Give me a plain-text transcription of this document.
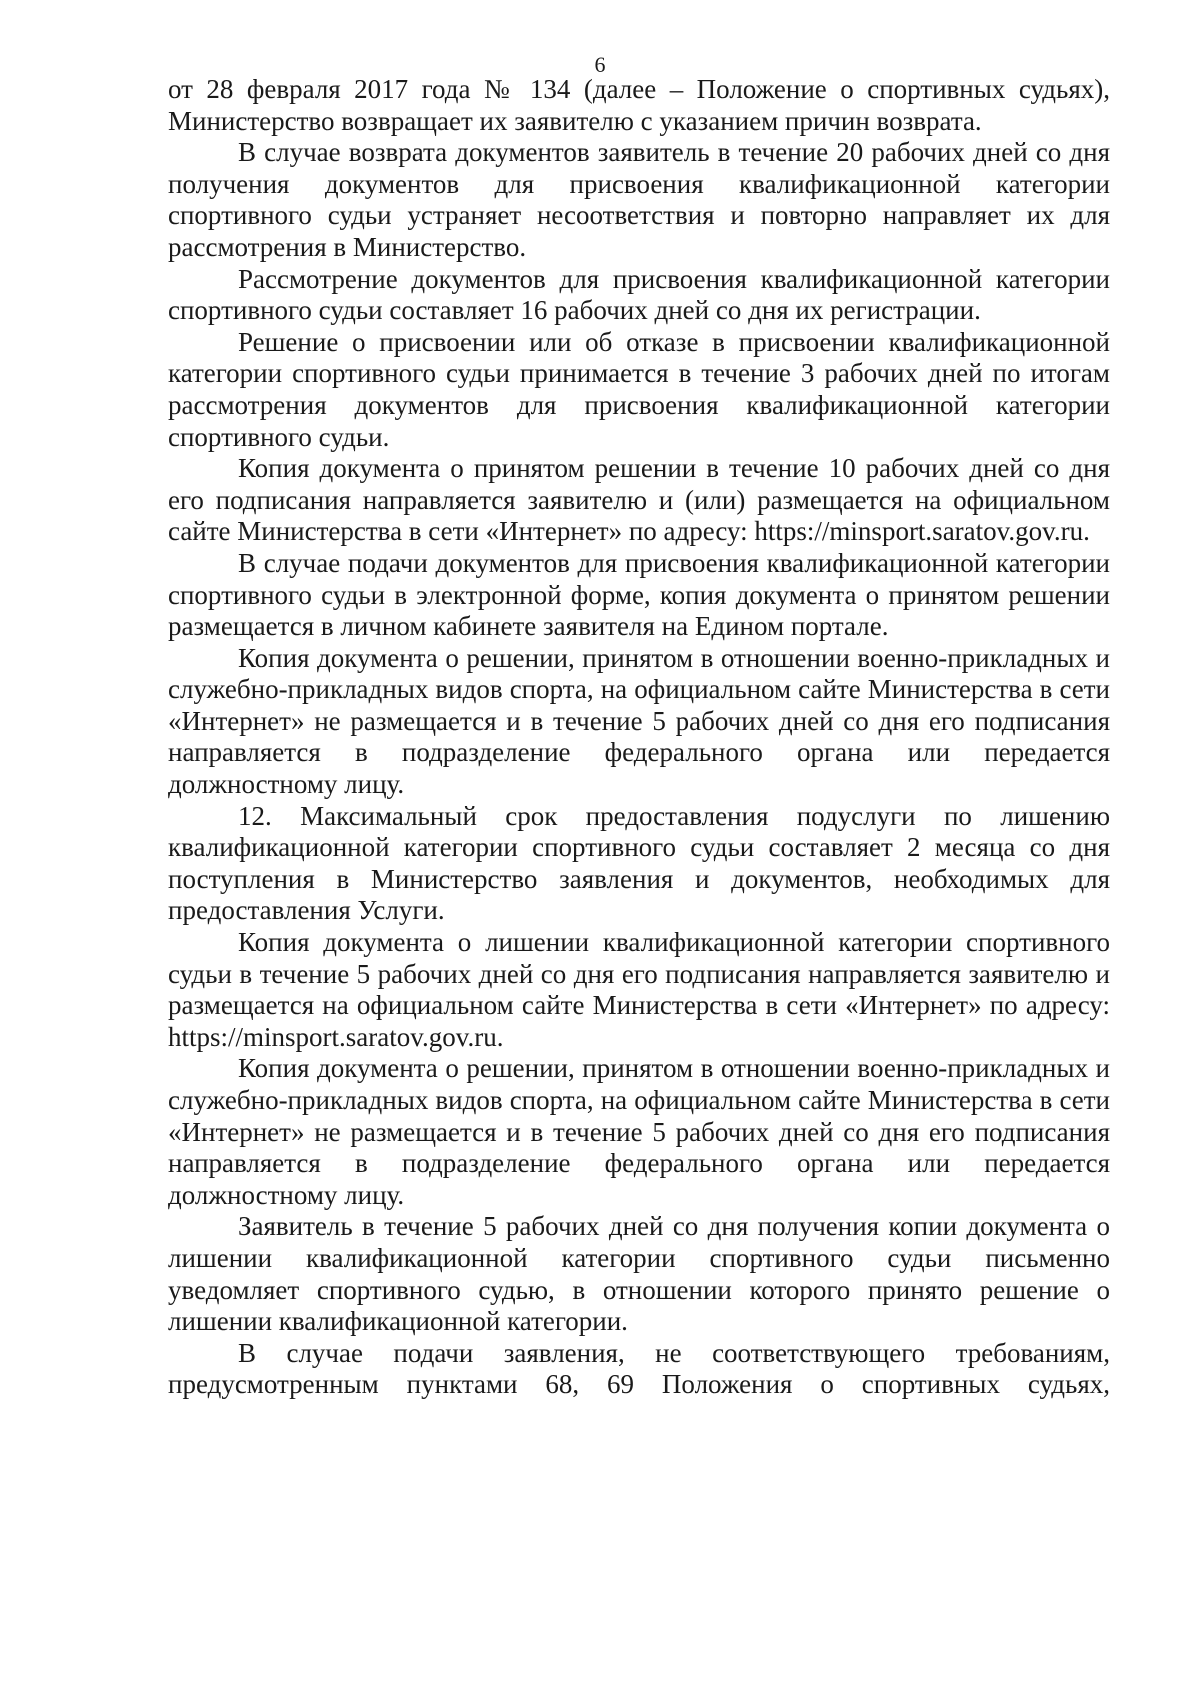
6

от 28 февраля 2017 года № 134 (далее – Положение о спортивных судьях), Министерство возвращает их заявителю с указанием причин возврата.

В случае возврата документов заявитель в течение 20 рабочих дней со дня получения документов для присвоения квалификационной категории спортивного судьи устраняет несоответствия и повторно направляет их для рассмотрения в Министерство.

Рассмотрение документов для присвоения квалификационной категории спортивного судьи составляет 16 рабочих дней со дня их регистрации.

Решение о присвоении или об отказе в присвоении квалификационной категории спортивного судьи принимается в течение 3 рабочих дней по итогам рассмотрения документов для присвоения квалификационной категории спортивного судьи.

Копия документа о принятом решении в течение 10 рабочих дней со дня его подписания направляется заявителю и (или) размещается на официальном сайте Министерства в сети «Интернет» по адресу: https://minsport.saratov.gov.ru.

В случае подачи документов для присвоения квалификационной категории спортивного судьи в электронной форме, копия документа о принятом решении размещается в личном кабинете заявителя на Едином портале.

Копия документа о решении, принятом в отношении военно-прикладных и служебно-прикладных видов спорта, на официальном сайте Министерства в сети «Интернет» не размещается и в течение 5 рабочих дней со дня его подписания направляется в подразделение федерального органа или передается должностному лицу.

12. Максимальный срок предоставления подуслуги по лишению квалификационной категории спортивного судьи составляет 2 месяца со дня поступления в Министерство заявления и документов, необходимых для предоставления Услуги.

Копия документа о лишении квалификационной категории спортивного судьи в течение 5 рабочих дней со дня его подписания направляется заявителю и размещается на официальном сайте Министерства в сети «Интернет» по адресу: https://minsport.saratov.gov.ru.

Копия документа о решении, принятом в отношении военно-прикладных и служебно-прикладных видов спорта, на официальном сайте Министерства в сети «Интернет» не размещается и в течение 5 рабочих дней со дня его подписания направляется в подразделение федерального органа или передается должностному лицу.

Заявитель в течение 5 рабочих дней со дня получения копии документа о лишении квалификационной категории спортивного судьи письменно уведомляет спортивного судью, в отношении которого принято решение о лишении квалификационной категории.

В случае подачи заявления, не соответствующего требованиям, предусмотренным пунктами 68, 69 Положения о спортивных судьях,
